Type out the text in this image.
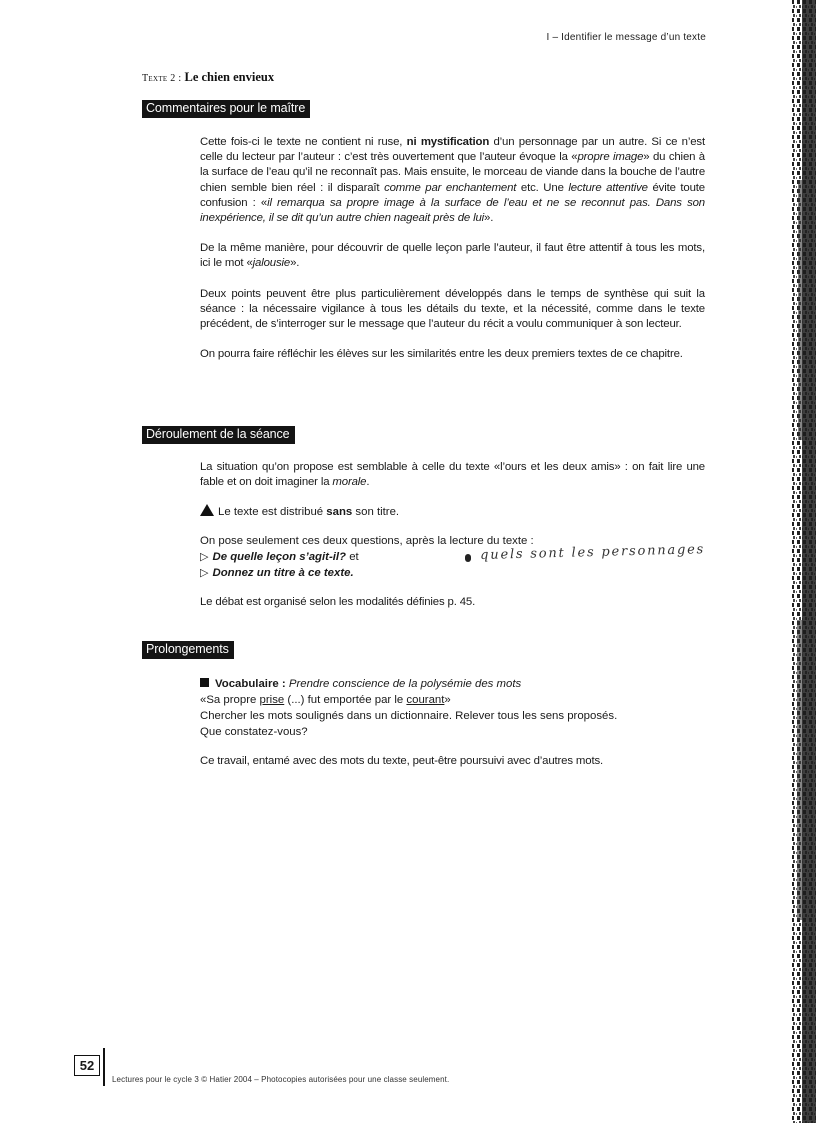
I – Identifier le message d’un texte
Texte 2 : Le chien envieux
Commentaires pour le maître

Cette fois-ci le texte ne contient ni ruse, ni mystification d’un personnage par un autre. Si ce n’est celle du lecteur par l’auteur : c’est très ouvertement que l’auteur évoque la «propre image» du chien à la surface de l’eau qu’il ne reconnaît pas. Mais ensuite, le morceau de viande dans la bouche de l’autre chien semble bien réel : il disparaît comme par enchantement etc. Une lecture attentive évite toute confusion : «il remarqua sa propre image à la surface de l’eau et ne se reconnut pas. Dans son inexpérience, il se dit qu’un autre chien nageait près de lui».

De la même manière, pour découvrir de quelle leçon parle l’auteur, il faut être attentif à tous les mots, ici le mot «jalousie».

Deux points peuvent être plus particulièrement développés dans le temps de synthèse qui suit la séance : la nécessaire vigilance à tous les détails du texte, et la nécessité, comme dans le texte précédent, de s’interroger sur le message que l’auteur du récit a voulu communiquer à son lecteur.

On pourra faire réfléchir les élèves sur les similarités entre les deux premiers textes de ce chapitre.

Déroulement de la séance

La situation qu’on propose est semblable à celle du texte «l’ours et les deux amis» : on fait lire une fable et on doit imaginer la morale.

Le texte est distribué sans son titre.

On pose seulement ces deux questions, après la lecture du texte :

▷ De quelle leçon s’agit-il? et

▷ Donnez un titre à ce texte.

Le débat est organisé selon les modalités définies p. 45.

quels sont les personnages
Prolongements

Vocabulaire : Prendre conscience de la polysémie des mots

«Sa propre prise (...) fut emportée par le courant»

Chercher les mots soulignés dans un dictionnaire. Relever tous les sens proposés.

Que constatez-vous?

Ce travail, entamé avec des mots du texte, peut-être poursuivi avec d’autres mots.

52
Lectures pour le cycle 3 © Hatier 2004 – Photocopies autorisées pour une classe seulement.
